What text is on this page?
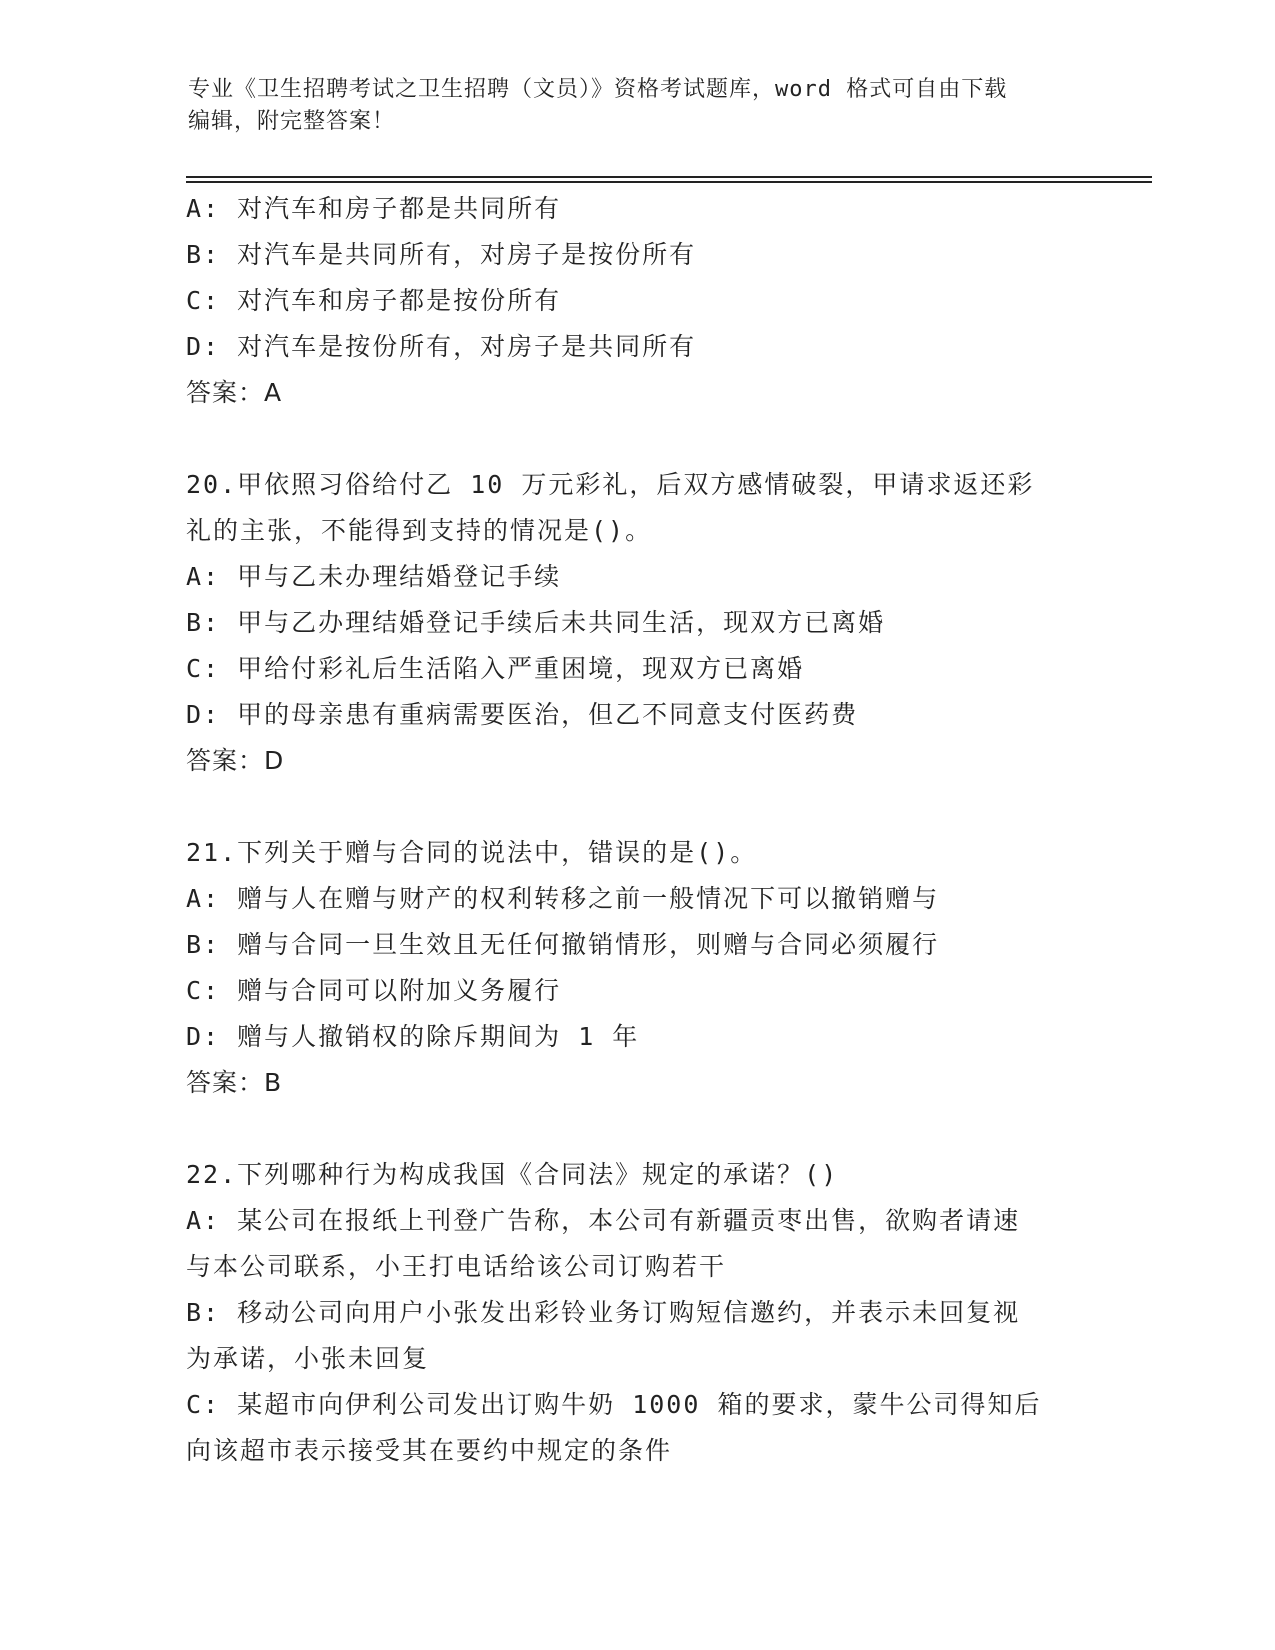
专业《卫生招聘考试之卫生招聘（文员）》资格考试题库，word 格式可自由下载
编辑，附完整答案！
A: 对汽车和房子都是共同所有
B: 对汽车是共同所有，对房子是按份所有
C: 对汽车和房子都是按份所有
D: 对汽车是按份所有，对房子是共同所有
答案：A
20.甲依照习俗给付乙 10 万元彩礼，后双方感情破裂，甲请求返还彩
礼的主张，不能得到支持的情况是()。
A: 甲与乙未办理结婚登记手续
B: 甲与乙办理结婚登记手续后未共同生活，现双方已离婚
C: 甲给付彩礼后生活陷入严重困境，现双方已离婚
D: 甲的母亲患有重病需要医治，但乙不同意支付医药费
答案：D
21.下列关于赠与合同的说法中，错误的是()。
A: 赠与人在赠与财产的权利转移之前一般情况下可以撤销赠与
B: 赠与合同一旦生效且无任何撤销情形，则赠与合同必须履行
C: 赠与合同可以附加义务履行
D: 赠与人撤销权的除斥期间为 1 年
答案：B
22.下列哪种行为构成我国《合同法》规定的承诺？()
A: 某公司在报纸上刊登广告称，本公司有新疆贡枣出售，欲购者请速
与本公司联系，小王打电话给该公司订购若干
B: 移动公司向用户小张发出彩铃业务订购短信邀约，并表示未回复视
为承诺，小张未回复
C: 某超市向伊利公司发出订购牛奶 1000 箱的要求，蒙牛公司得知后
向该超市表示接受其在要约中规定的条件
